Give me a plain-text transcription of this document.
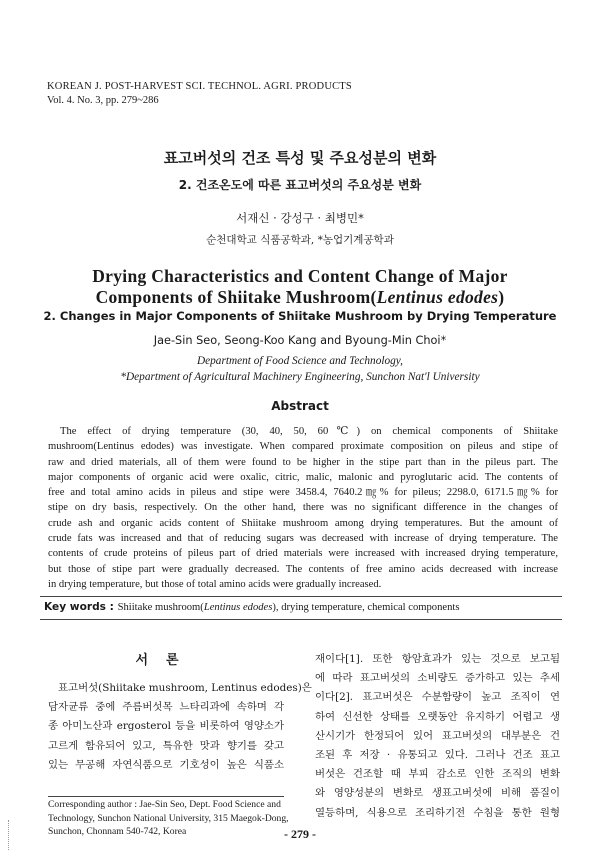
KOREAN J. POST-HARVEST SCI. TECHNOL. AGRI. PRODUCTS
Vol. 4. No. 3, pp. 279~286
표고버섯의 건조 특성 및 주요성분의 변화
2. 건조온도에 따른 표고버섯의 주요성분 변화
서재신 · 강성구 · 최병민*
순천대학교 식품공학과, *농업기계공학과
Drying Characteristics and Content Change of Major
Components of Shiitake Mushroom(Lentinus edodes)
2. Changes in Major Components of Shiitake Mushroom by Drying Temperature
Jae-Sin Seo, Seong-Koo Kang and Byoung-Min Choi*
Department of Food Science and Technology,
*Department of Agricultural Machinery Engineering, Sunchon Nat'l University
Abstract
The effect of drying temperature (30, 40, 50, 60℃) on chemical components of Shiitake
mushroom(Lentinus edodes) was investigate. When compared proximate composition on pileus and stipe of
raw and dried materials, all of them were found to be higher in the stipe part than in the pileus part. The
major components of organic acid were oxalic, citric, malic, malonic and pyroglutaric acid. The contents of
free and total amino acids in pileus and stipe were 3458.4, 7640.2㎎% for pileus; 2298.0, 6171.5㎎% for
stipe on dry basis, respectively. On the other hand, there was no significant difference in the changes of
crude ash and organic acids content of Shiitake mushroom among drying temperatures. But the amount of
crude fats was increased and that of reducing sugars was decreased with increase of drying temperature. The
contents of crude proteins of pileus part of dried materials were increased with increased drying temperature,
but those of stipe part were gradually decreased. The contents of free amino acids decreased with increase
in drying temperature, but those of total amino acids were gradually increased.
Key words : Shiitake mushroom(Lentinus edodes), drying temperature, chemical components
서론
표고버섯(Shiitake mushroom, Lentinus edodes)은
담자균류 중에 주름버섯목 느타리과에 속하며 각
종 아미노산과 ergosterol 등을 비롯하여 영양소가
고르게 함유되어 있고, 특유한 맛과 향기를 갖고
있는 무공해 자연식품으로 기호성이 높은 식품소
재이다[1]. 또한 항암효과가 있는 것으로 보고됨
에 따라 표고버섯의 소비량도 증가하고 있는 추세
이다[2]. 표고버섯은 수분함량이 높고 조직이 연
하여 신선한 상태를 오랫동안 유지하기 어렵고 생
산시기가 한정되어 있어 표고버섯의 대부분은 건
조된 후 저장 · 유통되고 있다. 그러나 건조 표고
버섯은 건조할 때 부피 감소로 인한 조직의 변화
와 영양성분의 변화로 생표고버섯에 비해 품질이
열등하며, 식용으로 조리하기전 수침을 통한 원형
Corresponding author : Jae-Sin Seo, Dept. Food Science and
Technology, Sunchon National University, 315 Maegok-Dong,
Sunchon, Chonnam 540-742, Korea	- 279 -
